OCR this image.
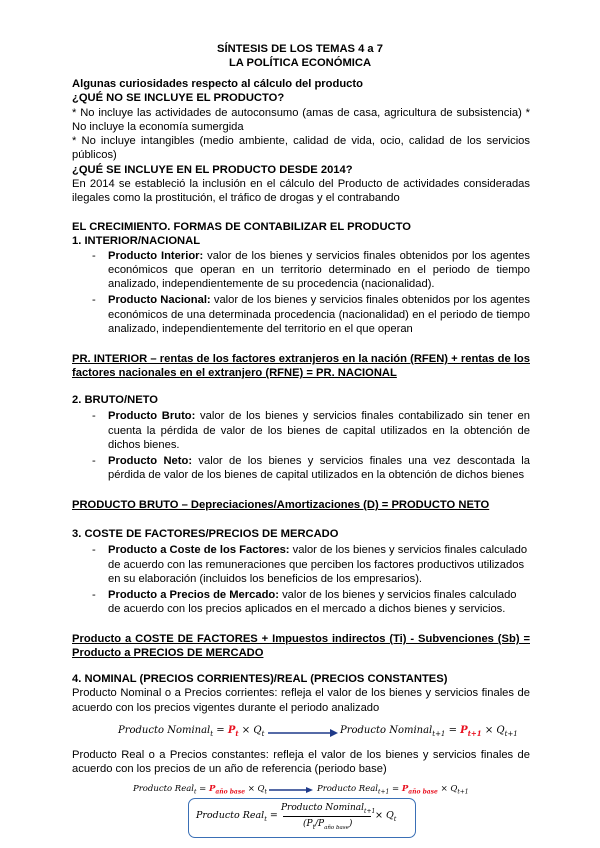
SÍNTESIS DE LOS TEMAS 4 a 7
LA POLÍTICA ECONÓMICA
Algunas curiosidades respecto al cálculo del producto
¿QUÉ NO SE INCLUYE EL PRODUCTO?
* No incluye las actividades de autoconsumo (amas de casa, agricultura de subsistencia) * No incluye la economía sumergida
* No incluye intangibles (medio ambiente, calidad de vida, ocio, calidad de los servicios públicos)
¿QUÉ SE INCLUYE EN EL PRODUCTO DESDE 2014?
En 2014 se estableció la inclusión en el cálculo del Producto de actividades consideradas ilegales como la prostitución, el tráfico de drogas y el contrabando
EL CRECIMIENTO. FORMAS DE CONTABILIZAR EL PRODUCTO
1. INTERIOR/NACIONAL
- Producto Interior: valor de los bienes y servicios finales obtenidos por los agentes económicos que operan en un territorio determinado en el periodo de tiempo analizado, independientemente de su procedencia (nacionalidad).
- Producto Nacional: valor de los bienes y servicios finales obtenidos por los agentes económicos de una determinada procedencia (nacionalidad) en el periodo de tiempo analizado, independientemente del territorio en el que operan
PR. INTERIOR – rentas de los factores extranjeros en la nación (RFEN) + rentas de los factores nacionales en el extranjero (RFNE) = PR. NACIONAL
2. BRUTO/NETO
- Producto Bruto: valor de los bienes y servicios finales contabilizado sin tener en cuenta la pérdida de valor de los bienes de capital utilizados en la obtención de dichos bienes.
- Producto Neto: valor de los bienes y servicios finales una vez descontada la pérdida de valor de los bienes de capital utilizados en la obtención de dichos bienes
PRODUCTO BRUTO – Depreciaciones/Amortizaciones (D) = PRODUCTO NETO
3. COSTE DE FACTORES/PRECIOS DE MERCADO
- Producto a Coste de los Factores: valor de los bienes y servicios finales calculado de acuerdo con las remuneraciones que perciben los factores productivos utilizados en su elaboración (incluidos los beneficios de los empresarios).
- Producto a Precios de Mercado: valor de los bienes y servicios finales calculado de acuerdo con los precios aplicados en el mercado a dichos bienes y servicios.
Producto a COSTE DE FACTORES + Impuestos indirectos (Ti) - Subvenciones (Sb) = Producto a PRECIOS DE MERCADO
4. NOMINAL (PRECIOS CORRIENTES)/REAL (PRECIOS CONSTANTES)
Producto Nominal o a Precios corrientes: refleja el valor de los bienes y servicios finales de acuerdo con los precios vigentes durante el periodo analizado
Producto Nominal$_t$ = $P_t \times Q_t$	Producto Nominal$_{t+1}$ = $P_{t+1} \times Q_{t+1}$
Producto Real o a Precios constantes: refleja el valor de los bienes y servicios finales de acuerdo con los precios de un año de referencia (periodo base)
Producto Real$_t$ = $P_{año base} \times Q_t$	Producto Real$_{t+1}$ = $P_{año base} \times Q_{t+1}$
Producto Real$_t$ =
Producto Nominal$_{t+1}$
$(P_t/P_{año base})$
× $Q_t$
